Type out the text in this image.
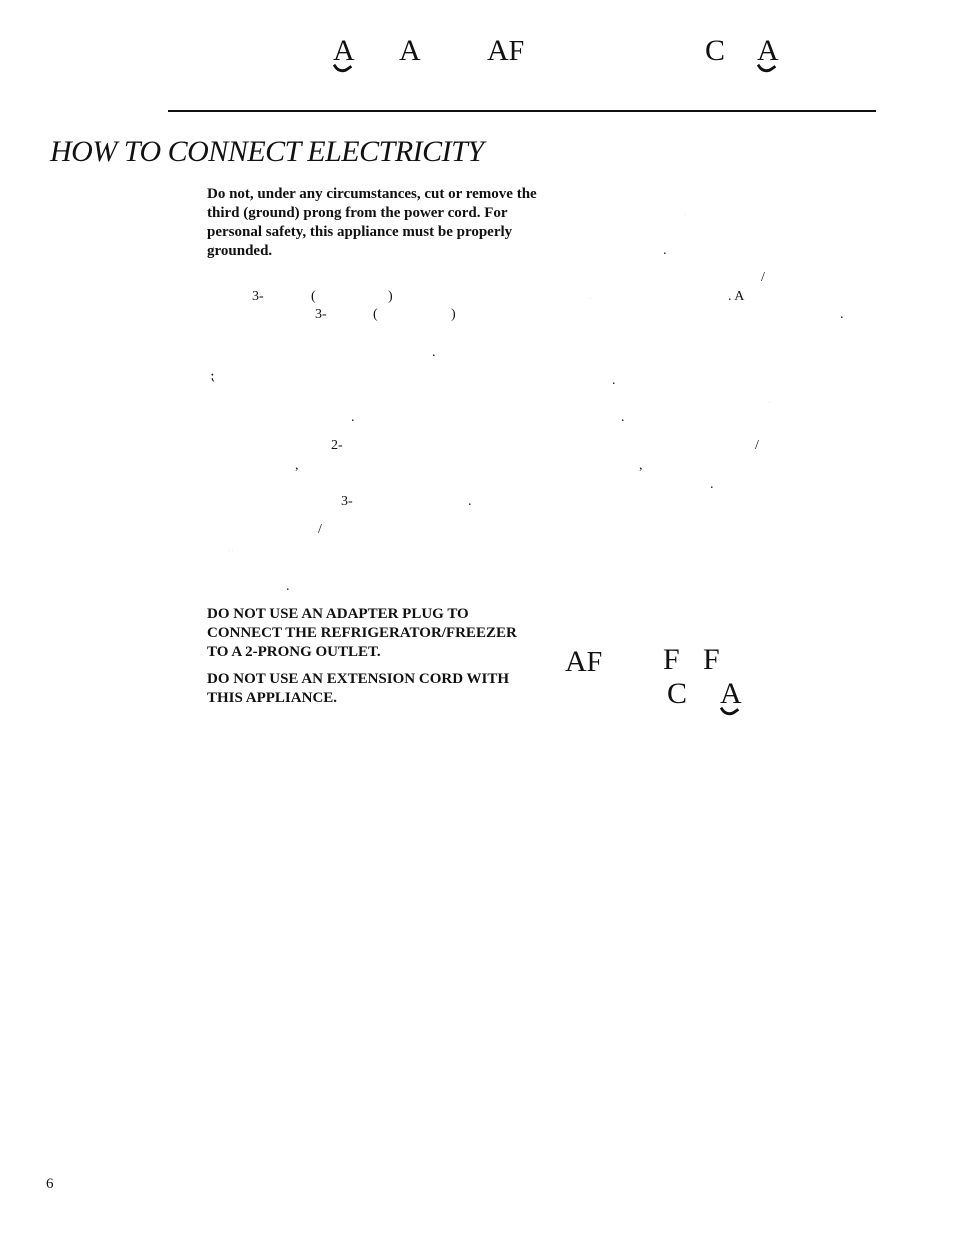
A A AF	C A
HOW TO CONNECT ELECTRICITY
Do not, under any circumstances, cut or remove the third (ground) prong from the power cord. For personal safety, this appliance must be properly grounded.
3-	(	)
3-	(	)
.
⁏
.
2-
,
3-	.
/
.
.
/
. A
.
.
.
/
,
.
· ·
·
·
·
DO NOT USE AN ADAPTER PLUG TO CONNECT THE REFRIGERATOR/FREEZER TO A 2-PRONG OUTLET.
DO NOT USE AN EXTENSION CORD WITH THIS APPLIANCE.
AF F F
C A
6
